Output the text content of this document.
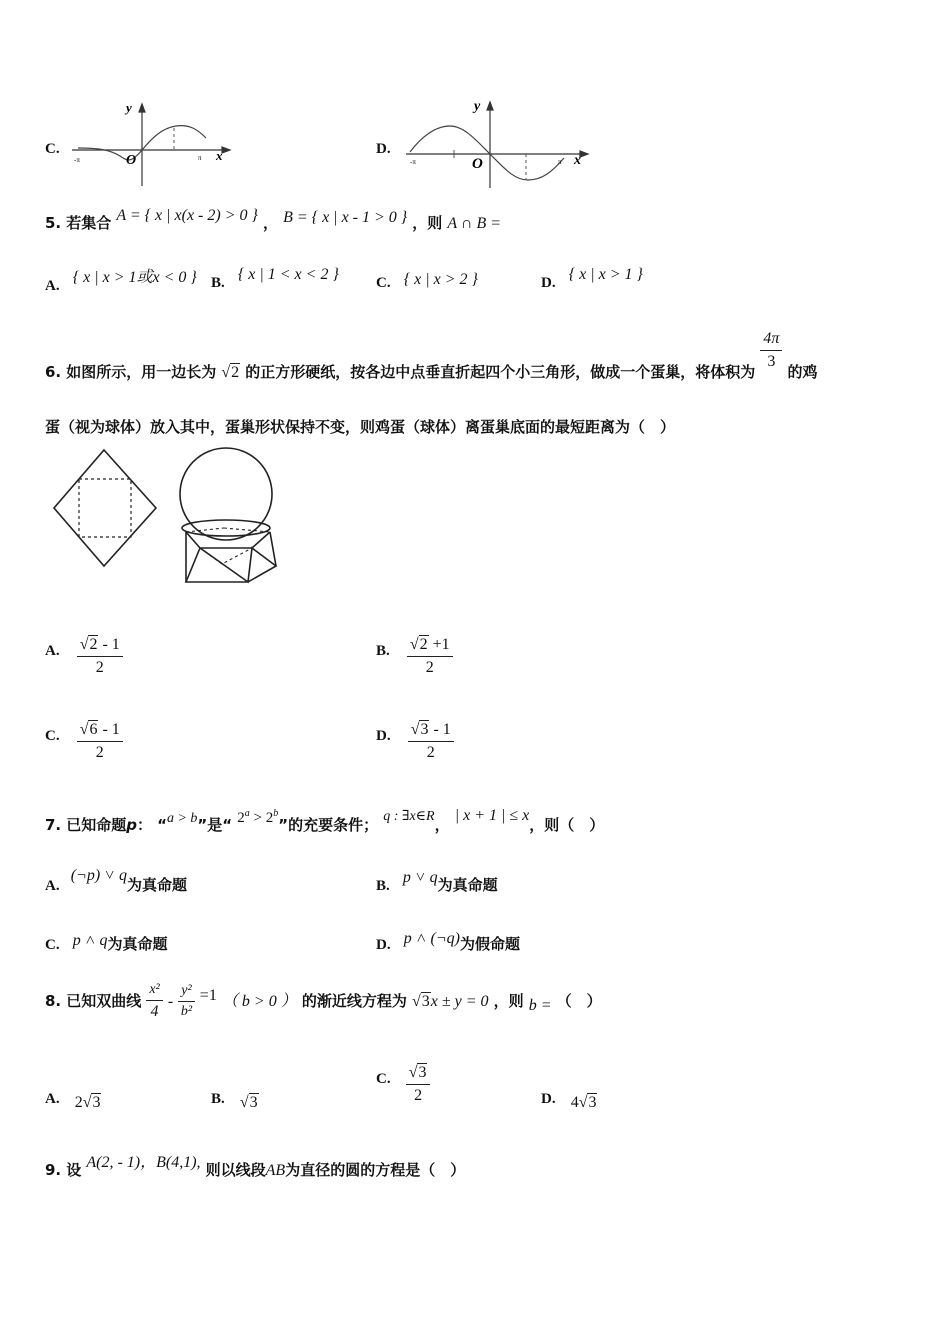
C.
y
O	x
-π	π
D.
y
O	x
-π	π
5. 若集合 A = { x | x(x - 2) > 0 } ， B = { x | x - 1 > 0 } ，则 A ∩ B =
A. { x | x > 1或x < 0 } B. { x | 1 < x < 2 } C. { x | x > 2 }	D. { x | x > 1 }
6. 如图所示，用一边长为 √2 的正方形硬纸，按各边中点垂直折起四个小三角形，做成一个蛋巢，将体积为
$\frac{4\pi}{3}$
的鸡
蛋（视为球体）放入其中，蛋巢形状保持不变，则鸡蛋（球体）离蛋巢底面的最短距离为（　）
A. $\frac{√2 - 1}{2}$	B. $\frac{√2 +1}{2}$
C. $\frac{√6 - 1}{2}$	D. $\frac{√3 - 1}{2}$
7. 已知命题p： “a > b”是“ $2^a > 2^b$”的充要条件； q : ∃x∈R， | x + 1 | ≤ x，则（　）
A. (¬p) ˅ q为真命题	B. p ˅ q为真命题
C. p ˄ q为真命题	D. p ˄ (¬q)为假命题
8. 已知双曲线 $\frac{\text{x²}}{4} - \frac{\text{y²}}{\text{b²}} =1$ （ b > 0 ） 的渐近线方程为 √3x ± y = 0 ，则 b = （　）
A. 2√3	B. √3
C. $\frac{√3}{2}$	D. 4√3
9. 设 A(2, - 1)，B(4,1), 则以线段AB为直径的圆的方程是（　）
